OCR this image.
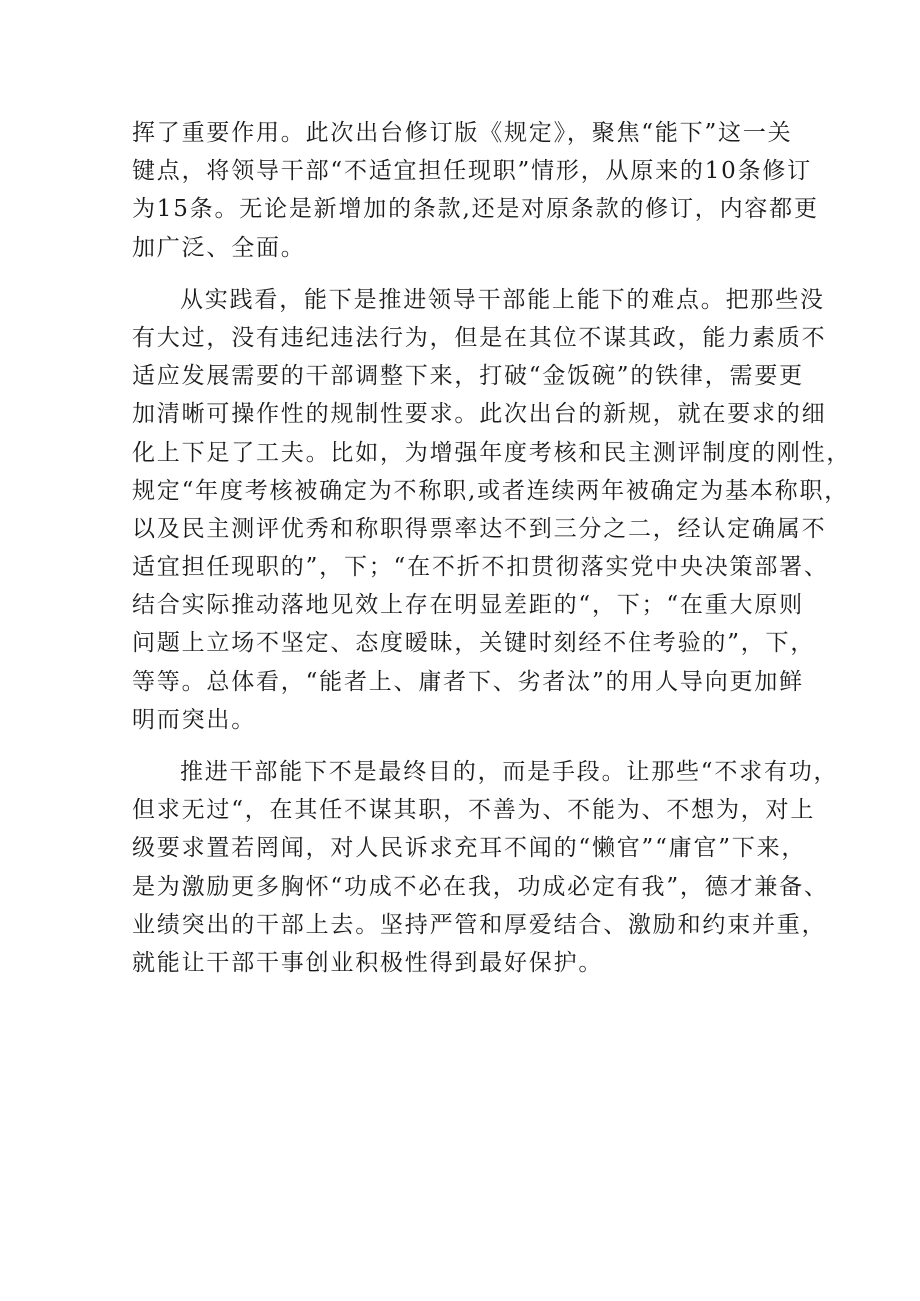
挥了重要作用。此次出台修订版《规定》，聚焦“能下”这一关
键点，将领导干部“不适宜担任现职”情形，从原来的10条修订
为15条。无论是新增加的条款,还是对原条款的修订，内容都更
加广泛、全面。
从实践看，能下是推进领导干部能上能下的难点。把那些没
有大过，没有违纪违法行为，但是在其位不谋其政，能力素质不
适应发展需要的干部调整下来，打破“金饭碗”的铁律，需要更
加清晰可操作性的规制性要求。此次出台的新规，就在要求的细
化上下足了工夫。比如，为增强年度考核和民主测评制度的刚性，
规定“年度考核被确定为不称职,或者连续两年被确定为基本称职，
以及民主测评优秀和称职得票率达不到三分之二，经认定确属不
适宜担任现职的”，下；“在不折不扣贯彻落实党中央决策部署、
结合实际推动落地见效上存在明显差距的“，下；“在重大原则
问题上立场不坚定、态度暧昧，关键时刻经不住考验的”，下，
等等。总体看，“能者上、庸者下、劣者汰”的用人导向更加鲜
明而突出。
推进干部能下不是最终目的，而是手段。让那些“不求有功，
但求无过“，在其任不谋其职，不善为、不能为、不想为，对上
级要求置若罔闻，对人民诉求充耳不闻的“懒官”“庸官”下来，
是为激励更多胸怀“功成不必在我，功成必定有我”，德才兼备、
业绩突出的干部上去。坚持严管和厚爱结合、激励和约束并重，
就能让干部干事创业积极性得到最好保护。
